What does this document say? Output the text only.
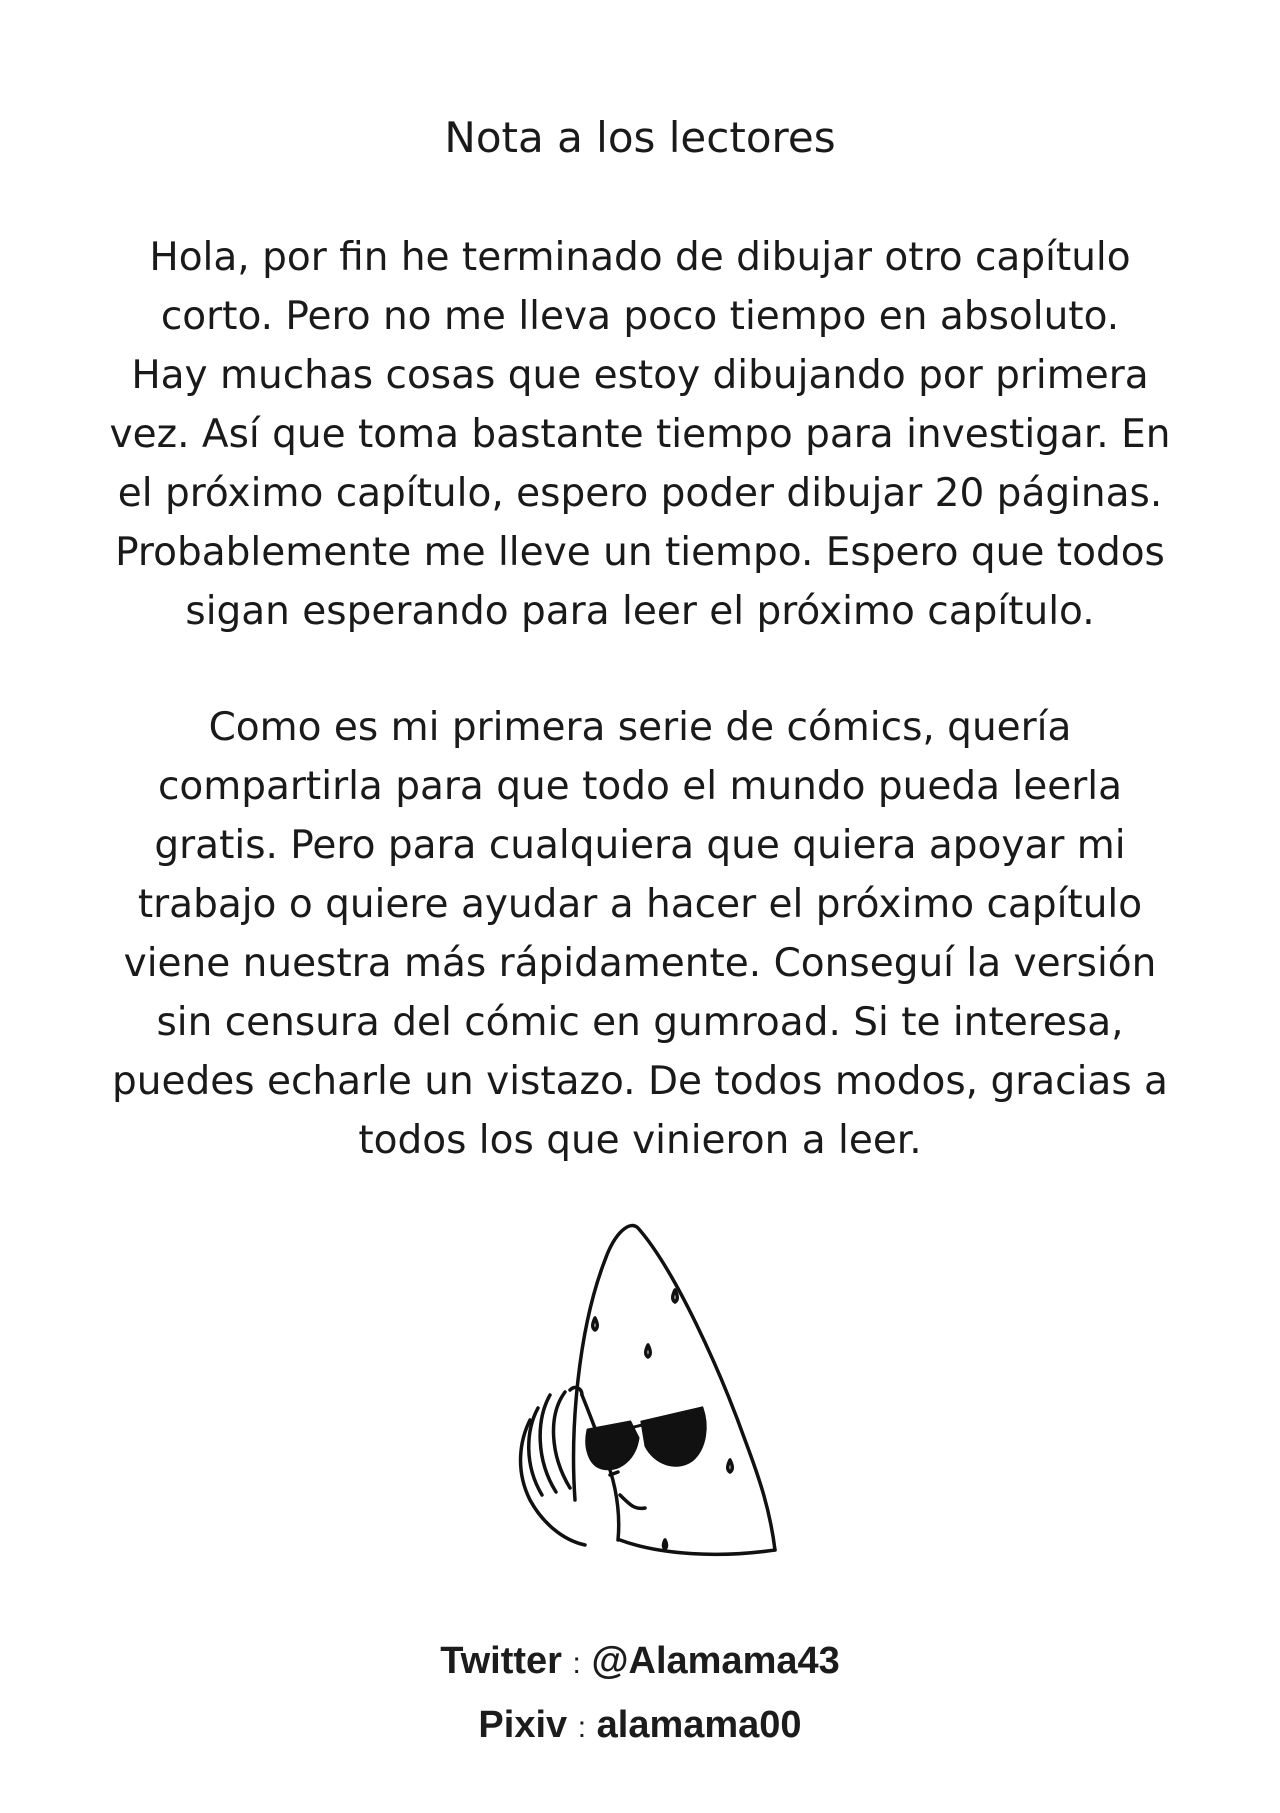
Nota a los lectores
Hola, por fin he terminado de dibujar otro capítulo
corto. Pero no me lleva poco tiempo en absoluto.
Hay muchas cosas que estoy dibujando por primera
vez. Así que toma bastante tiempo para investigar. En
el próximo capítulo, espero poder dibujar 20 páginas.
Probablemente me lleve un tiempo. Espero que todos
sigan esperando para leer el próximo capítulo.
Como es mi primera serie de cómics, quería
compartirla para que todo el mundo pueda leerla
gratis. Pero para cualquiera que quiera apoyar mi
trabajo o quiere ayudar a hacer el próximo capítulo
viene nuestra más rápidamente. Conseguí la versión
sin censura del cómic en gumroad. Si te interesa,
puedes echarle un vistazo. De todos modos, gracias a
todos los que vinieron a leer.
Twitter : @Alamama43
Pixiv : alamama00
